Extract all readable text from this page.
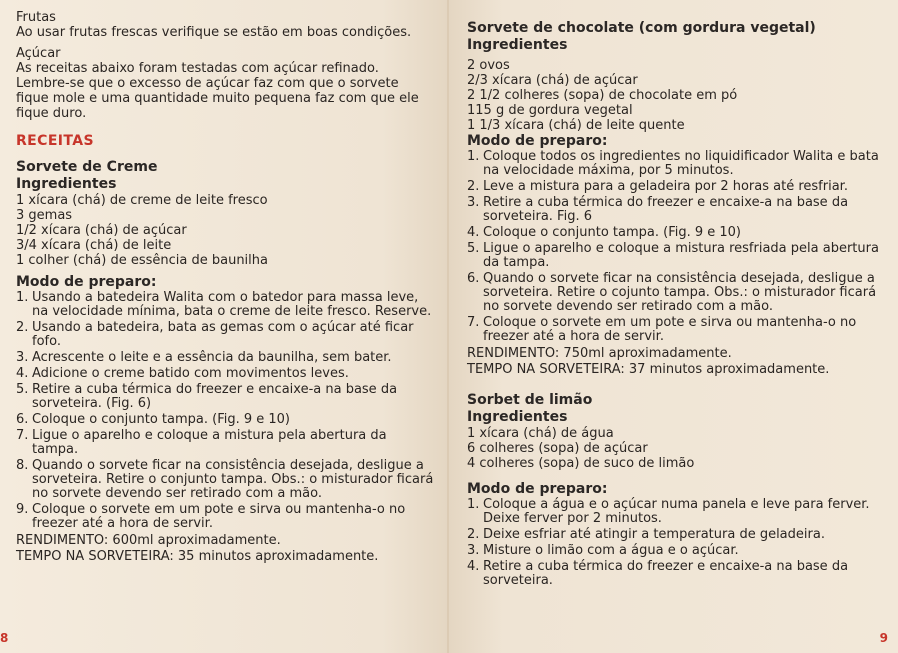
Frutas

Ao usar frutas frescas verifique se estão em boas condições.

Açúcar

As receitas abaixo foram testadas com açúcar refinado. Lembre-se que o excesso de açúcar faz com que o sorvete fique mole e uma quantidade muito pequena faz com que ele fique duro.

RECEITAS

Sorvete de Creme

Ingredientes

1 xícara (chá) de creme de leite fresco

3 gemas

1/2 xícara (chá) de açúcar

3/4 xícara (chá) de leite

1 colher (chá) de essência de baunilha

Modo de preparo:

1. Usando a batedeira Walita com o batedor para massa leve, na velocidade mínima, bata o creme de leite fresco. Reserve.
2. Usando a batedeira, bata as gemas com o açúcar até ficar fofo.
3. Acrescente o leite e a essência da baunilha, sem bater.
4. Adicione o creme batido com movimentos leves.
5. Retire a cuba térmica do freezer e encaixe-a na base da sorveteira. (Fig. 6)
6. Coloque o conjunto tampa. (Fig. 9 e 10)
7. Ligue o aparelho e coloque a mistura pela abertura da tampa.
8. Quando o sorvete ficar na consistência desejada, desligue a sorveteira. Retire o conjunto tampa. Obs.: o misturador ficará no sorvete devendo ser retirado com a mão.
9. Coloque o sorvete em um pote e sirva ou mantenha-o no freezer até a hora de servir.

RENDIMENTO: 600ml aproximadamente.

TEMPO NA SORVETEIRA: 35 minutos aproximadamente.

8

Sorvete de chocolate (com gordura vegetal)

Ingredientes

2 ovos

2/3 xícara (chá) de açúcar

2 1/2 colheres (sopa) de chocolate em pó

115 g de gordura vegetal

1 1/3 xícara (chá) de leite quente

Modo de preparo:

1. Coloque todos os ingredientes no liquidificador Walita e bata na velocidade máxima, por 5 minutos.
2. Leve a mistura para a geladeira por 2 horas até resfriar.
3. Retire a cuba térmica do freezer e encaixe-a na base da sorveteira. Fig. 6
4. Coloque o conjunto tampa. (Fig. 9 e 10)
5. Ligue o aparelho e coloque a mistura resfriada pela abertura da tampa.
6. Quando o sorvete ficar na consistência desejada, desligue a sorveteira. Retire o cojunto tampa. Obs.: o misturador ficará no sorvete devendo ser retirado com a mão.
7. Coloque o sorvete em um pote e sirva ou mantenha-o no freezer até a hora de servir.

RENDIMENTO: 750ml aproximadamente.

TEMPO NA SORVETEIRA: 37 minutos aproximadamente.

Sorbet de limão

Ingredientes

1 xícara (chá) de água

6 colheres (sopa) de açúcar

4 colheres (sopa) de suco de limão

Modo de preparo:

1. Coloque a água e o açúcar numa panela e leve para ferver. Deixe ferver por 2 minutos.
2. Deixe esfriar até atingir a temperatura de geladeira.
3. Misture o limão com a água e o açúcar.
4. Retire a cuba térmica do freezer e encaixe-a na base da sorveteira.
9
